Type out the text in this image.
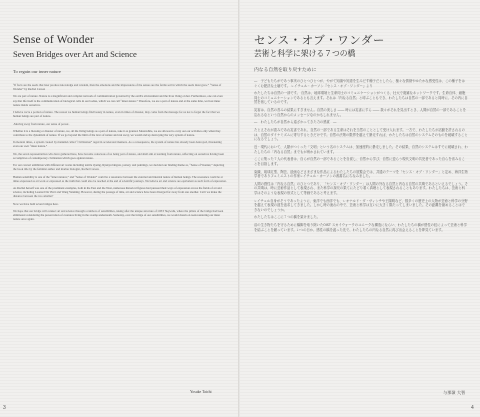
Sense of Wonder
Seven Bridges over Art and Science
To regain our inner nature

“If facts are the seeds that later produce knowledge and wisdom, then the emotions and the impressions of the senses are the fertile soil in which the seeds must grow.” “Sense of Wonder” by Rachel Carson

We are part of nature. Nature is a magnificent and complex network of communication governed by the earth's environment and the lives living on her. Furthermore, one can even say that life itself is the communication of biological cells in our bodies, which we can call “inner nature.” Therefore, we are a part of nature and at the same time, we host inner nature inside ourselves.

I believe we're a portion of nature. The reason we human beings find beauty in nature, even in times of disaster, may come from the message for us not to forget the fact that we human beings are part of nature.

-Moving away from nature, our sense of power-

Whether it is a blessing or disaster of nature, we, all the living beings as a part of nature, take it as granted. Meanwhile, we are allowed to carry out our activities only when they contribute to the dynamism of nature. If we go beyond the limit of the laws of nature and run away, we would end up destroying the very system of nature.

In modern times, a system created by mankind called “civilization” raged in accelerated manners. As a consequence, the system of nature has already been destroyed, threatening even our own “inner nature.”

We, the seven representatives who have gathered here, have become conscious of us being part of nature, and shall aim at learning from nature, reflecting on ourselves having been accomplices of contemporary civilization which goes against nature.

For our concert exhibition with different art works including textile dyeing, Ryukyu bingata, pottery, and paintings, we decided our binding theme as, “Sense of Wonder,” depicting the book title by the feminist author and marine biologist, Rachel Carson.

Human sensibility is one of the “inner natures,” and “Sense of Wonder” could be a resonance between the external and internal nature of human beings. The resonance could be at times expressed as art work or expressed as the truth that could also be reached at the end of scientific journeys. We believe art and science are equivalent as such form of expression.

As Rachel herself was one of the prominent examples, both in the East and the West, numerous historical figures had pursued their ways of expression across the fields of art and science, including Leonard Da Vinci and Wang Yanming. However, during the passage of time, art and science have been diverged far away from one another. Can't we make the distance between the two smaller?

Now we have built seven bridges here.

We hope that our bridge will connect art and science through a rainbow of sensibilities, taking after the unique structure of OIST Skywalk, where the pillars of the bridge had been eliminated considering the preservation of creatures living in the swamp underneath. Someday, over the bridge of our sensibilities, we would dream on reencountering our inner nature once again.

Yosuke Taichi
3
センス・オブ・ワンダー
芸術と科学に架ける７つの橋
内なる自然を取り戻すために

―　子どもたちがであう事実のひとつひとつが、やがて知識や知恵を生みだす種子だとしたら、様々な情緒やゆたかな感受性は、この種子をはぐくむ肥沃な土壌です。 レイチェル・カーソン『センス・オブ・ワンダー』より

わたしたちは自然の一部です。 自然は、地球環境と生命同士のコミュニケーションがつくる、壮大で複雑なネットワークです。生命自体、細胞同士のコミュニケーションであるとも言えます。それは「内なる自然」と呼ぶこともでき、わたしたちは自然の一部であると同時に、その内に自然を宿しているのです。

災害は、自然の営みの結果にすぎません。自然の美しさ ―― 時には災害にすら ―― 我々がそれを見出すとき、人間が自然の一部であることを忘れるなという自然からのメッセージなのかもしれません。

―　わたしたちが自然から遠ざかってきた力の感覚　―

たとえそれが恵みであれ災害であれ、自然の一部である生命はそれを当然のこととして受け入れます。一方で、わたしたちが活動を許されるのは、自然のダイナミズムに寄与するときだけです。自然の法則の限界を越えて暴走すれば、わたしたちは自然のシステムそのものを破壊することになるでしょう。

近・現代において、人類がつくった「文明」という名のシステムは、加速度的に暴走しました。その結果、自然のシステムはすでに破壊され、わたしたちの「内なる自然」までもが脅かされています。

ここに集った７人の代表者は、自らが自然の一部であることを自覚し、自然から学び、自然に逆らう現代文明の共犯者であった自らを省みることを目指します。

染織、琉球紅型、陶芸、絵画などさまざまな作品によるわたしたちの展覧会では、共通のテーマを「センス・オブ・ワンダー」と定め、海洋生物学者でありフェミニストの作家レイチェル・カーソンの著書名にちなみました。

人間の感性は「内なる自然」のひとつであり、「センス・オブ・ワンダー」は人間の外なる自然と内なる自然の共鳴であるといえるでしょう。その共鳴は、時に芸術作品として表現され、また科学の探究の果てにたどり着く真理として表現されることもあります。わたしたちは、芸術と科学はそのような表現の形式として等価であると考えます。

レイチェル自身がそうであったように、東洋でも西洋でも、レオナルド・ダ・ヴィンチや王陽明など、数多くの歴史上の人物が芸術と科学の分野を越えて表現の道を追求してきました。しかし時の流れの中で、芸術と科学は互いに大きく隔たってしまいました。その距離を縮めることはできないのでしょうか。

わたしたちはここに７つの橋を架けました。

沼の生き物たちを守るために橋脚を取り除いたOIST スカイウォークのユニークな構造にならい、わたしたちの橋が感性の虹によって芸術と科学を結ぶことを願っています。いつの日か、感性の橋を渡った先で、わたしたちの内なる自然に再び出会えることを夢見ています。

与那嶺 大智
4
